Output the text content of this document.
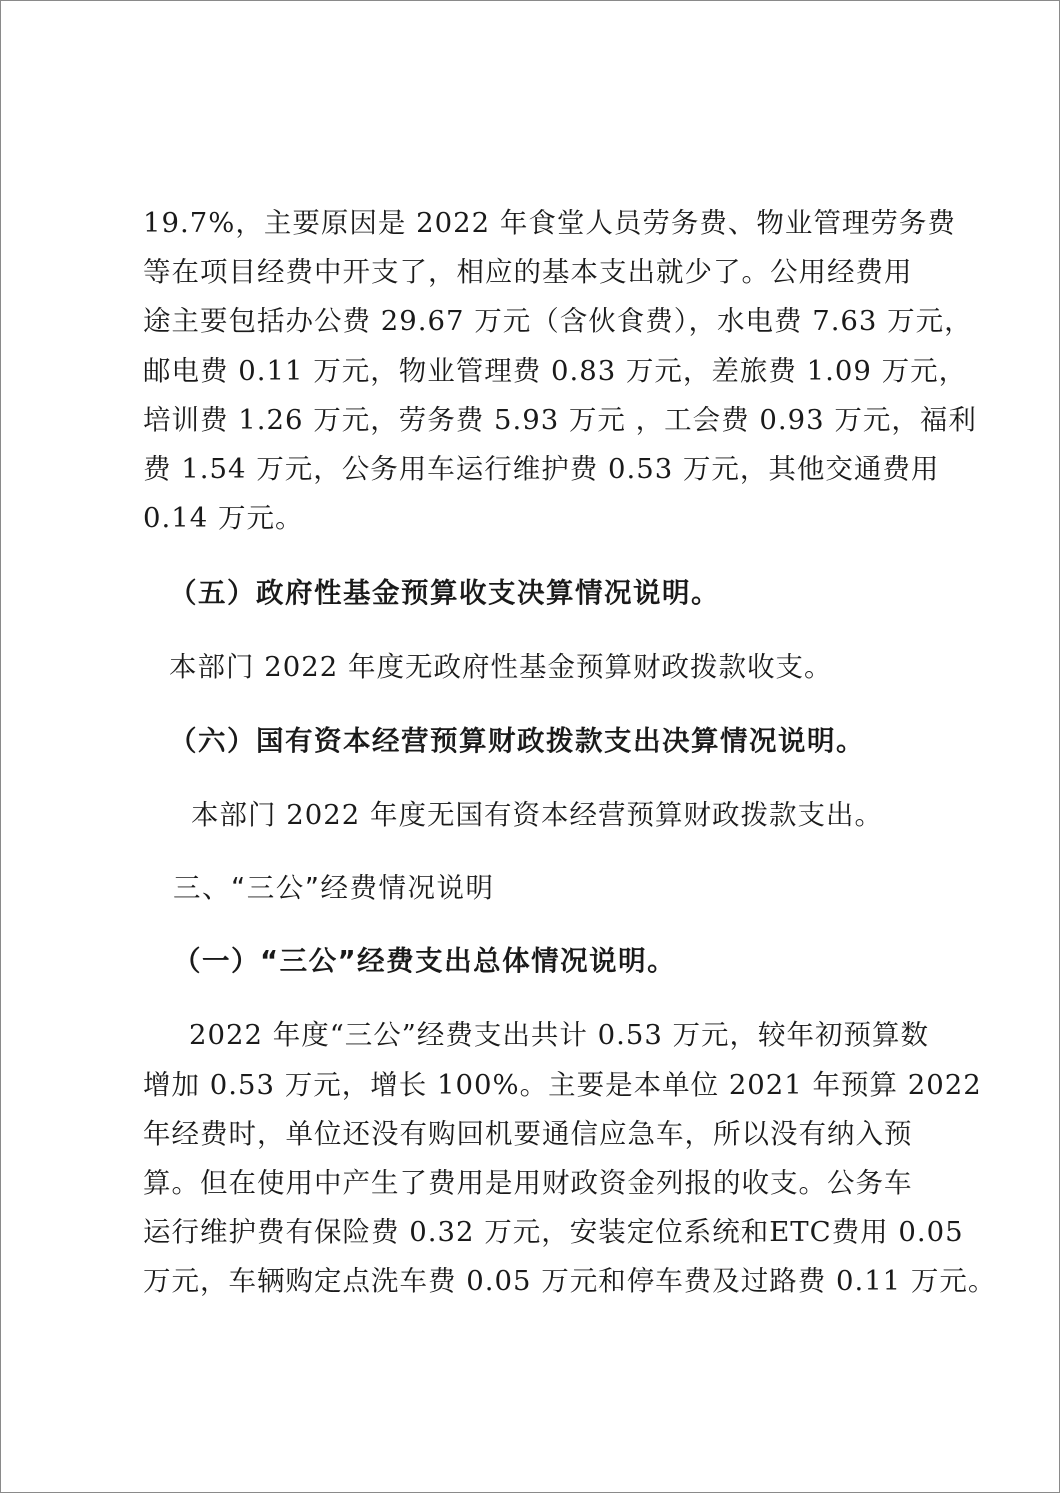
19.7%，主要原因是 2022 年食堂人员劳务费、物业管理劳务费
等在项目经费中开支了，相应的基本支出就少了。公用经费用
途主要包括办公费 29.67 万元（含伙食费），水电费 7.63 万元，
邮电费 0.11 万元，物业管理费 0.83 万元，差旅费 1.09 万元，
培训费 1.26 万元，劳务费 5.93 万元 ，工会费 0.93 万元，福利
费 1.54 万元，公务用车运行维护费 0.53 万元，其他交通费用
0.14 万元。
（五）政府性基金预算收支决算情况说明。
本部门 2022 年度无政府性基金预算财政拨款收支。
（六）国有资本经营预算财政拨款支出决算情况说明。
本部门 2022 年度无国有资本经营预算财政拨款支出。
三、“三公”经费情况说明
（一）“三公”经费支出总体情况说明。
2022 年度“三公”经费支出共计 0.53 万元，较年初预算数
增加 0.53 万元，增长 100%。主要是本单位 2021 年预算 2022
年经费时，单位还没有购回机要通信应急车，所以没有纳入预
算。但在使用中产生了费用是用财政资金列报的收支。公务车
运行维护费有保险费 0.32 万元，安装定位系统和ETC费用 0.05
万元，车辆购定点洗车费 0.05 万元和停车费及过路费 0.11 万元。
